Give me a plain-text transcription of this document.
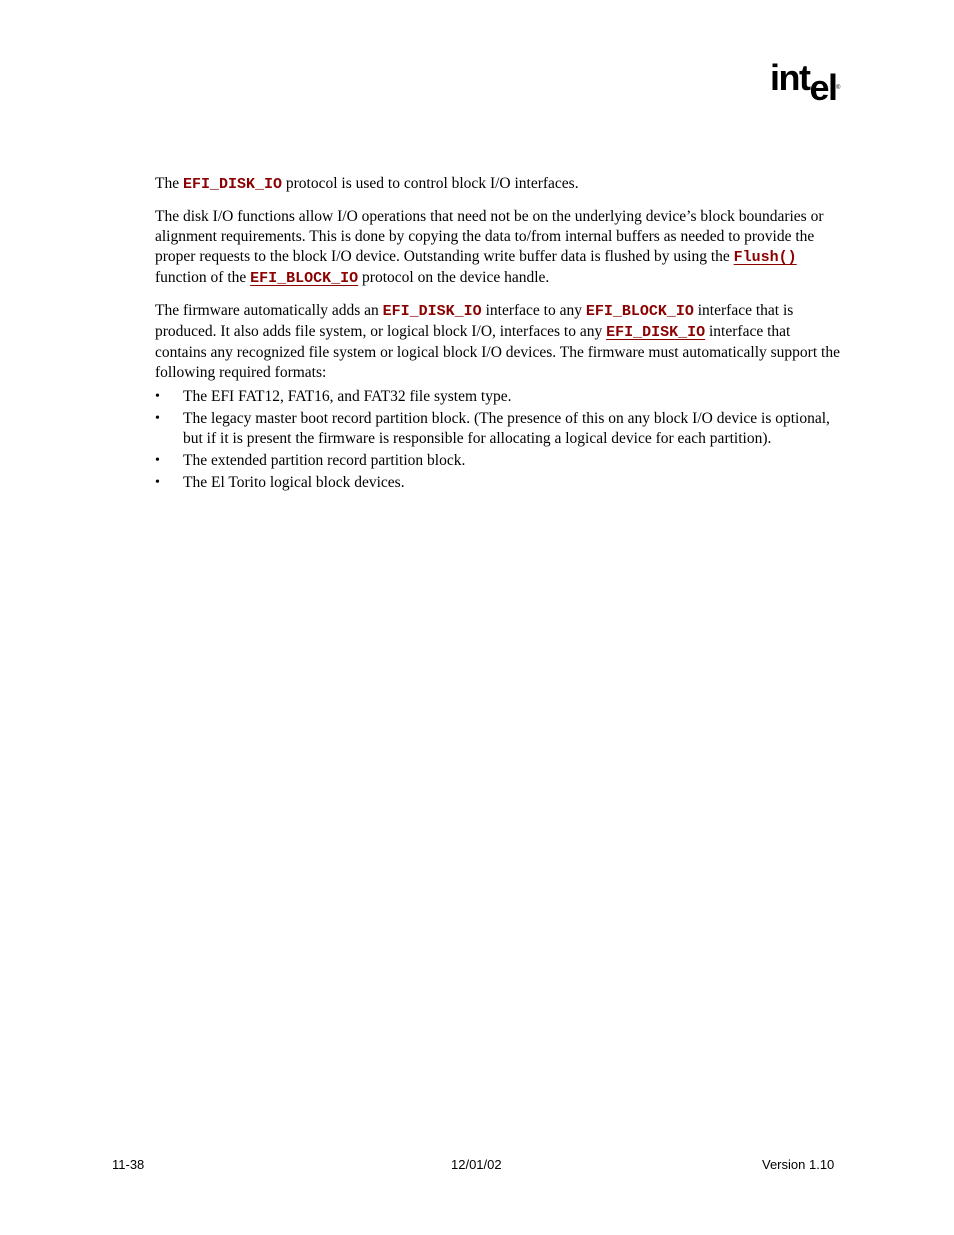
intel ®

The EFI_DISK_IO protocol is used to control block I/O interfaces.

The disk I/O functions allow I/O operations that need not be on the underlying device’s block boundaries or alignment requirements. This is done by copying the data to/from internal buffers as needed to provide the proper requests to the block I/O device. Outstanding write buffer data is flushed by using the Flush() function of the EFI_BLOCK_IO protocol on the device handle.

The firmware automatically adds an EFI_DISK_IO interface to any EFI_BLOCK_IO interface that is produced. It also adds file system, or logical block I/O, interfaces to any EFI_DISK_IO interface that contains any recognized file system or logical block I/O devices. The firmware must automatically support the following required formats:

• The EFI FAT12, FAT16, and FAT32 file system type.
• The legacy master boot record partition block. (The presence of this on any block I/O device is optional, but if it is present the firmware is responsible for allocating a logical device for each partition).
• The extended partition record partition block.
• The El Torito logical block devices.
11-38	12/01/02	Version 1.10
